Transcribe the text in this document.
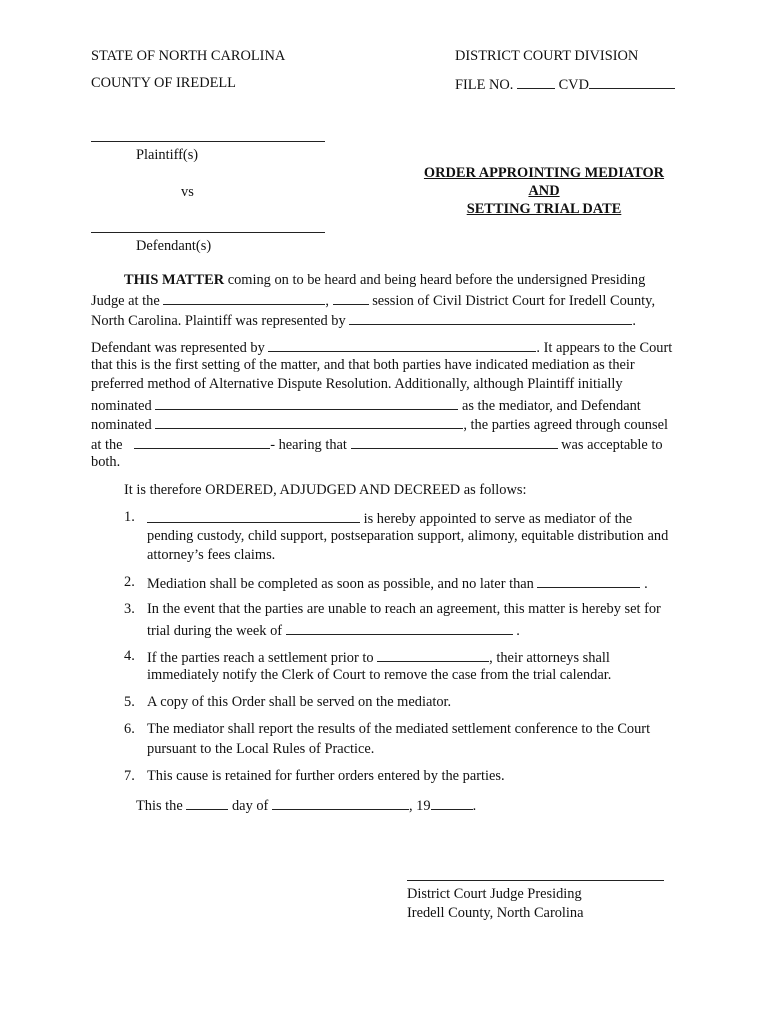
STATE OF NORTH CAROLINA
COUNTY OF IREDELL
DISTRICT COURT DIVISION
FILE NO.	CVD
Plaintiff(s)
vs
Defendant(s)
ORDER APPROINTING MEDIATOR
AND
SETTING TRIAL DATE
THIS MATTER coming on to be heard and being heard before the undersigned Presiding
Judge at the	,	session of Civil District Court for Iredell County,
North Carolina. Plaintiff was represented by	.
Defendant was represented by	. It appears to the Court
that this is the first setting of the matter, and that both parties have indicated mediation as their
preferred method of Alternative Dispute Resolution. Additionally, although Plaintiff initially
nominated	as the mediator, and Defendant
nominated	, the parties agreed through counsel
at the	- hearing that	was acceptable to
both.
It is therefore ORDERED, ADJUDGED AND DECREED as follows:
1.	is hereby appointed to serve as mediator of the
pending custody, child support, postseparation support, alimony, equitable distribution and
attorney’s fees claims.
2. Mediation shall be completed as soon as possible, and no later than	.
3. In the event that the parties are unable to reach an agreement, this matter is hereby set for
trial during the week of	.
4. If the parties reach a settlement prior to	, their attorneys shall
immediately notify the Clerk of Court to remove the case from the trial calendar.
5. A copy of this Order shall be served on the mediator.
6. The mediator shall report the results of the mediated settlement conference to the Court
pursuant to the Local Rules of Practice.
7. This cause is retained for further orders entered by the parties.
This the	day of	, 19	.
District Court Judge Presiding
Iredell County, North Carolina
